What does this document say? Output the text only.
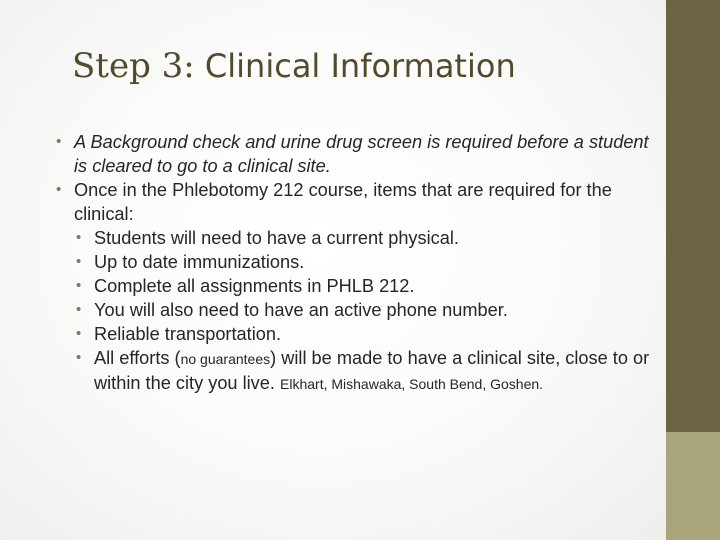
Step 3: Clinical Information
• A Background check and urine drug screen is required before a student is cleared to go to a clinical site.
• Once in the Phlebotomy 212 course, items that are required for the clinical:
• Students will need to have a current physical.
• Up to date immunizations.
• Complete all assignments in PHLB 212.
• You will also need to have an active phone number.
• Reliable transportation.
• All efforts (no guarantees) will be made to have a clinical site, close to or within the city you live. Elkhart, Mishawaka, South Bend, Goshen.
